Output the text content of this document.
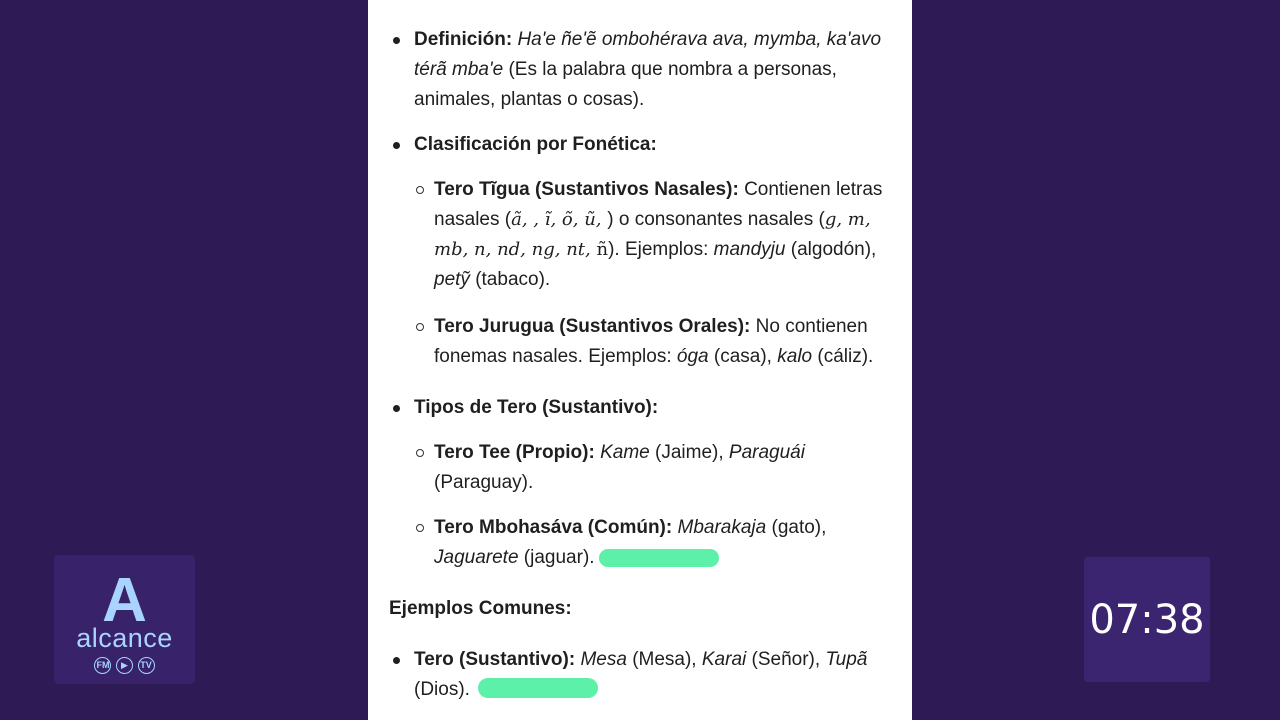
Definición: Ha'e ñe'ẽ ombohérava ava, mymba, ka'avo térã mba'e (Es la palabra que nombra a personas, animales, plantas o cosas).
Clasificación por Fonética:
Tero Tĩgua (Sustantivos Nasales): Contienen letras nasales (ã, , ĩ, õ, ũ, ) o consonantes nasales (g, m, mb, n, nd, ng, nt, ñ). Ejemplos: mandyju (algodón), petỹ (tabaco).
Tero Jurugua (Sustantivos Orales): No contienen fonemas nasales. Ejemplos: óga (casa), kalo (cáliz).
Tipos de Tero (Sustantivo):
Tero Tee (Propio): Kame (Jaime), Paraguái (Paraguay).
Tero Mbohasáva (Común): Mbarakaja (gato), Jaguarete (jaguar).
Ejemplos Comunes:
Tero (Sustantivo): Mesa (Mesa), Karai (Señor), Tupã (Dios).
A
alcance
FM ▶ TV
07:38
